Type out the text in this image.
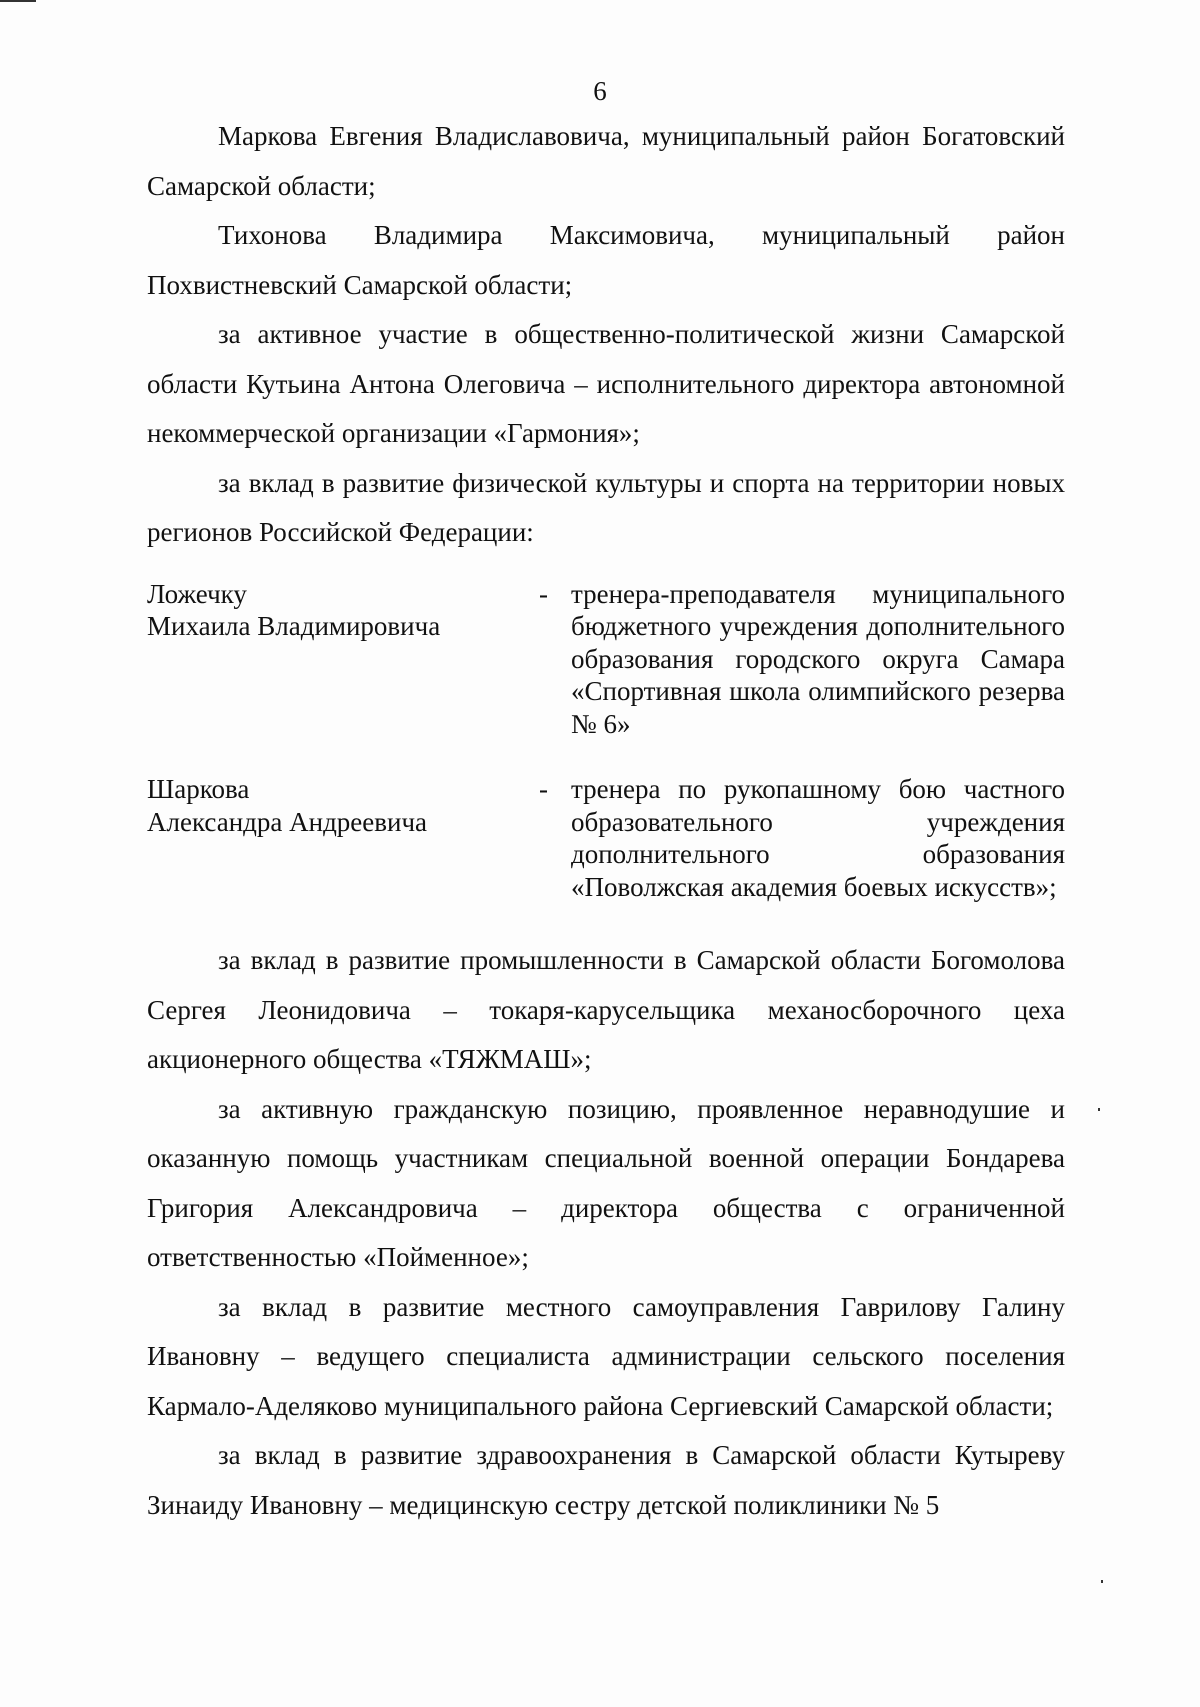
6

Маркова Евгения Владиславовича, муниципальный район Богатовский Самарской области;

Тихонова Владимира Максимовича, муниципальный район Похвистневский Самарской области;

за активное участие в общественно-политической жизни Самарской области Кутьина Антона Олеговича – исполнительного директора автономной некоммерческой организации «Гармония»;

за вклад в развитие физической культуры и спорта на территории новых регионов Российской Федерации:

Ложечку
Михаила Владимировича
- тренера-преподавателя муниципального бюджетного учреждения дополнительного образования городского округа Самара «Спортивная школа олимпийского резерва № 6»
Шаркова
Александра Андреевича
- тренера по рукопашному бою частного образовательного учреждения дополнительного образования «Поволжская академия боевых искусств»;

за вклад в развитие промышленности в Самарской области Богомолова Сергея Леонидовича – токаря-карусельщика механосборочного цеха акционерного общества «ТЯЖМАШ»;

за активную гражданскую позицию, проявленное неравнодушие и оказанную помощь участникам специальной военной операции Бондарева Григория Александровича – директора общества с ограниченной ответственностью «Пойменное»;

за вклад в развитие местного самоуправления Гаврилову Галину Ивановну – ведущего специалиста администрации сельского поселения Кармало-Аделяково муниципального района Сергиевский Самарской области;

за вклад в развитие здравоохранения в Самарской области Кутыреву Зинаиду Ивановну – медицинскую сестру детской поликлиники № 5
